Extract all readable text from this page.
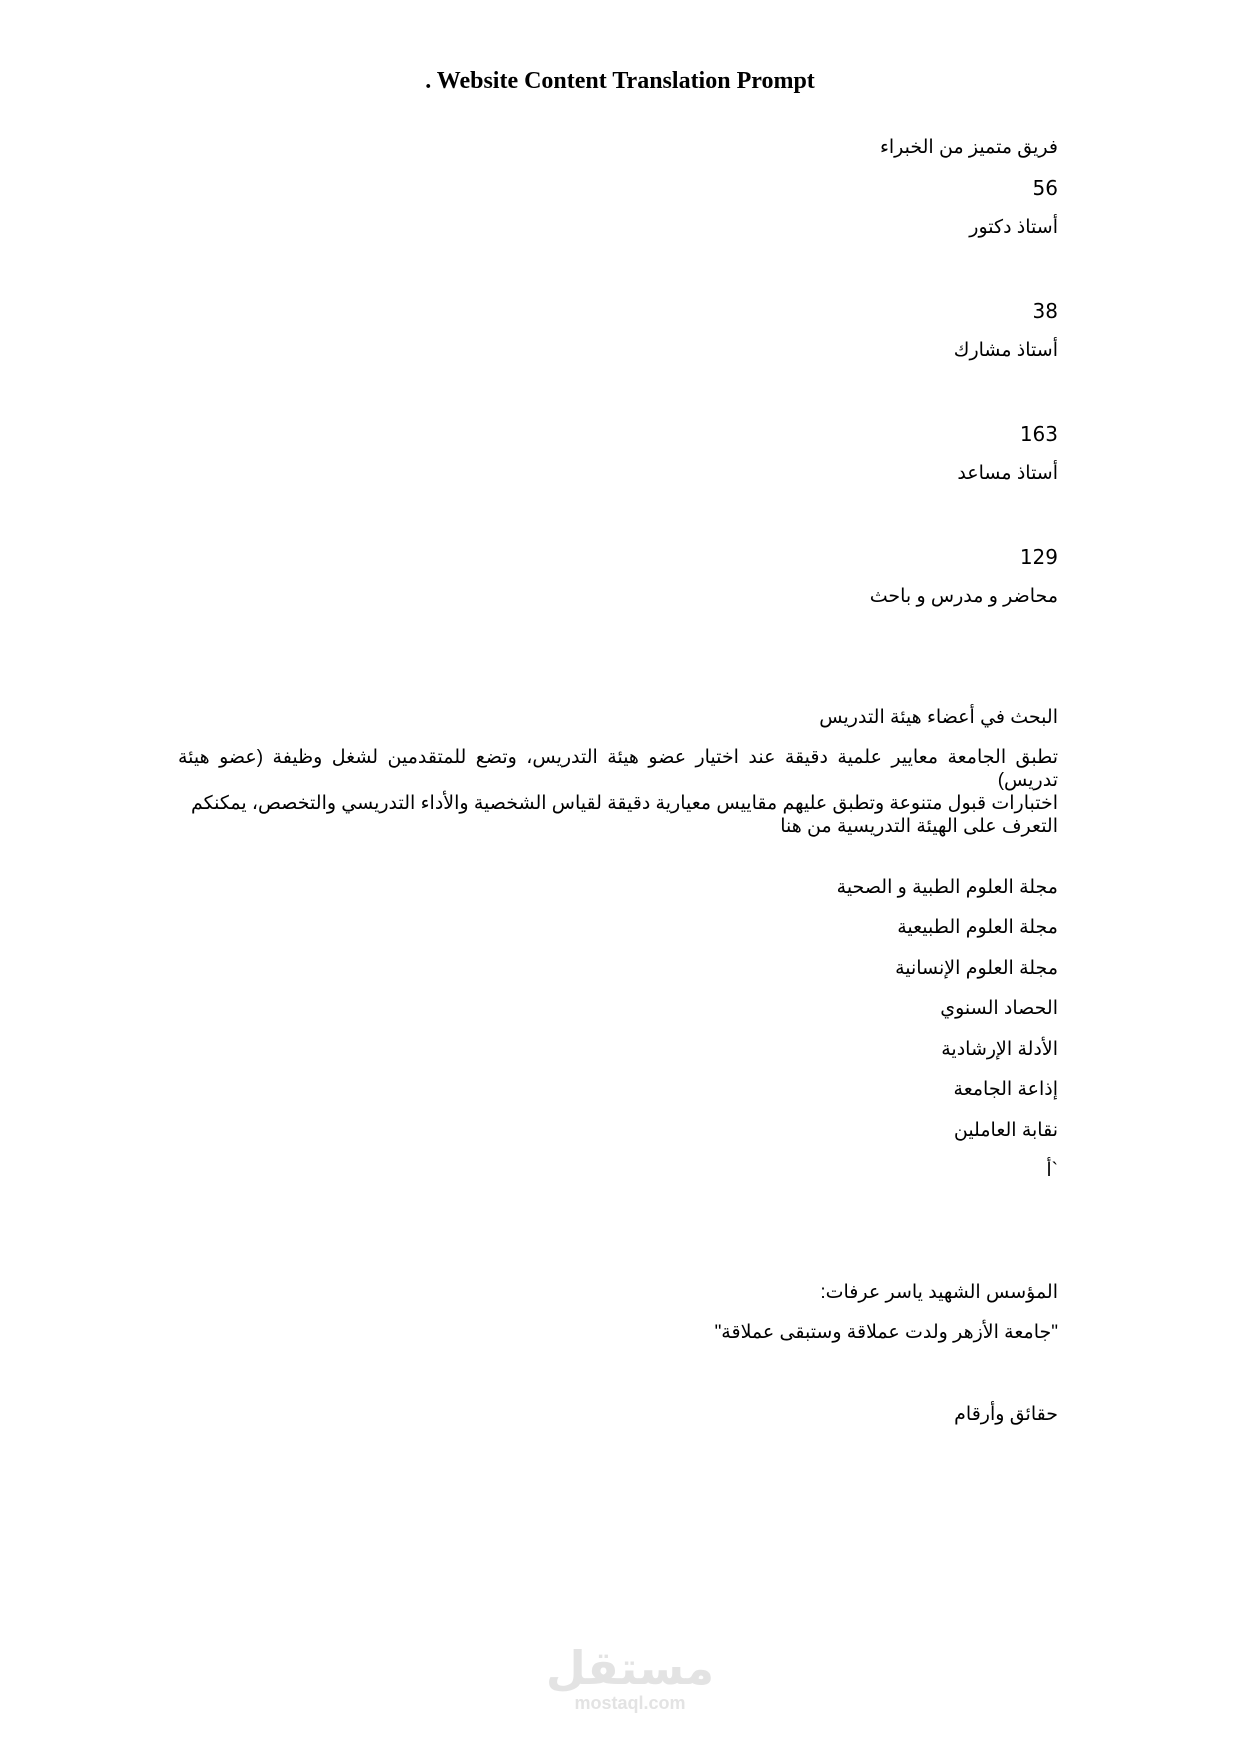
. Website Content Translation Prompt

فريق متميز من الخبراء

56

أستاذ دكتور

38

أستاذ مشارك

163

أستاذ مساعد

129

محاضر و مدرس و باحث

البحث في أعضاء هيئة التدريس

تطبق الجامعة معايير علمية دقيقة عند اختيار عضو هيئة التدريس، وتضع للمتقدمين لشغل وظيفة (عضو هيئة تدريس)
اختبارات قبول متنوعة وتطبق عليهم مقاييس معيارية دقيقة لقياس الشخصية والأداء التدريسي والتخصص، يمكنكم
التعرف على الهيئة التدريسية من هنا

مجلة العلوم الطبية و الصحية

مجلة العلوم الطبيعية

مجلة العلوم الإنسانية

الحصاد السنوي

الأدلة الإرشادية

إذاعة الجامعة

نقابة العاملين

`أ

المؤسس الشهيد ياسر عرفات:

"جامعة الأزهر ولدت عملاقة وستبقى عملاقة"

حقائق وأرقام

مستقل
mostaql.com
